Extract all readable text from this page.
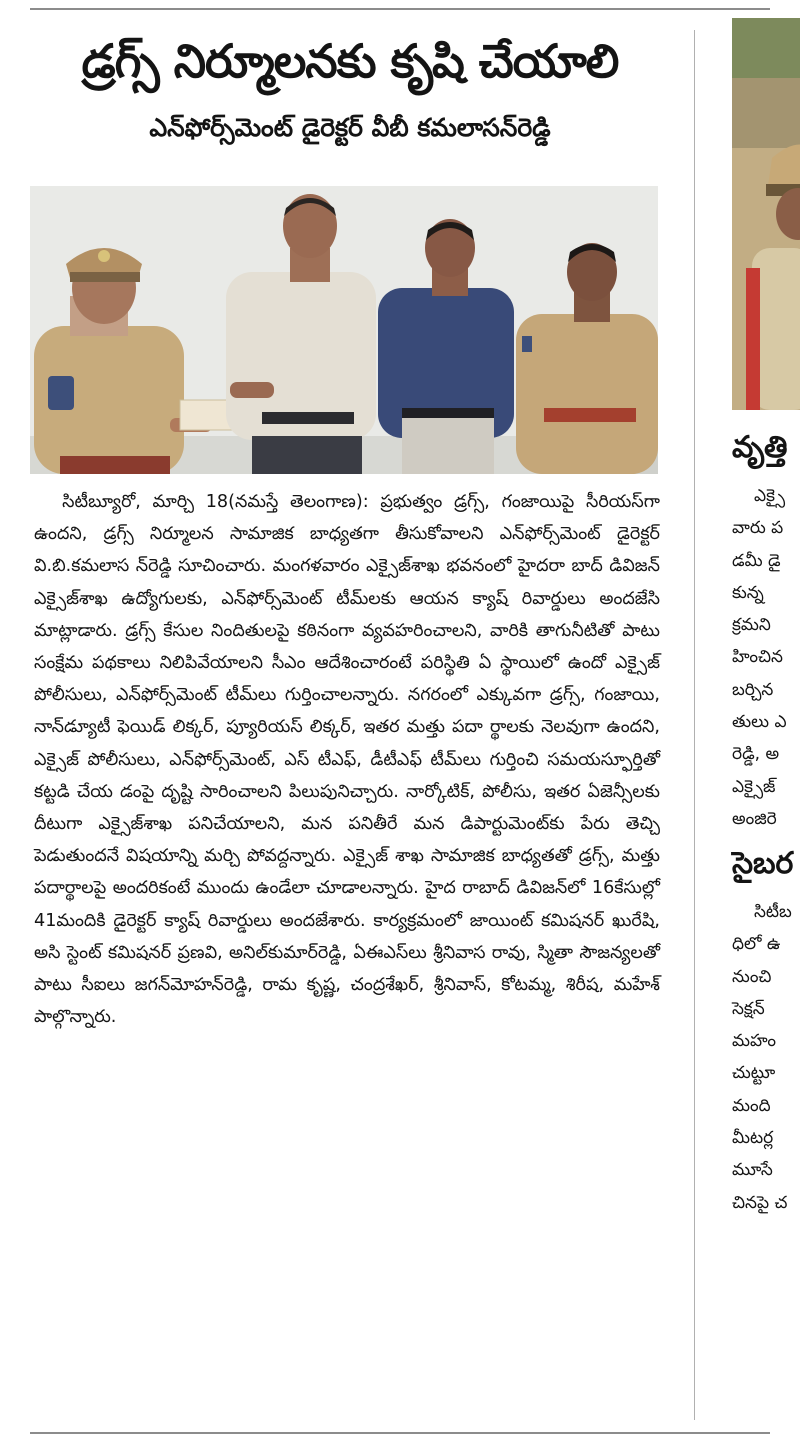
డ్రగ్స్ నిర్మూలనకు కృషి చేయాలి
ఎన్‌ఫోర్స్‌మెంట్ డైరెక్టర్ వీబీ కమలాసన్‌రెడ్డి

సిటీబ్యూరో, మార్చి 18(నమస్తే తెలంగాణ): ప్రభుత్వం డ్రగ్స్, గంజాయిపై సీరియస్‌గా ఉందని, డ్రగ్స్ నిర్మూలన సామాజిక బాధ్యతగా తీసుకోవాలని ఎన్‌ఫోర్స్‌మెంట్ డైరెక్టర్ వి.బి.కమలాస న్‌రెడ్డి సూచించారు. మంగళవారం ఎక్సైజ్‌శాఖ భవనంలో హైదరా బాద్ డివిజన్ ఎక్సైజ్‌శాఖ ఉద్యోగులకు, ఎన్‌ఫోర్స్‌మెంట్ టీమ్‌లకు ఆయన క్యాష్ రివార్డులు అందజేసి మాట్లాడారు. డ్రగ్స్ కేసుల నిందితులపై కఠినంగా వ్యవహరించాలని, వారికి తాగునీటితో పాటు సంక్షేమ పథకాలు నిలిపివేయాలని సీఎం ఆదేశించారంటే పరిస్థితి ఏ స్థాయిలో ఉందో ఎక్సైజ్ పోలీసులు, ఎన్‌ఫోర్స్‌మెంట్ టీమ్‌లు గుర్తించాలన్నారు. నగరంలో ఎక్కువగా డ్రగ్స్, గంజాయి, నాన్‌డ్యూటీ ఫెయిడ్ లిక్కర్, ప్యూరియస్ లిక్కర్, ఇతర మత్తు పదా ర్థాలకు నెలవుగా ఉందని, ఎక్సైజ్ పోలీసులు, ఎన్‌ఫోర్స్‌మెంట్, ఎస్ టీఎఫ్, డీటీఎఫ్ టీమ్‌లు గుర్తించి సమయస్ఫూర్తితో కట్టడి చేయ డంపై దృష్టి సారించాలని పిలుపునిచ్చారు. నార్కోటిక్, పోలీసు, ఇతర ఏజెన్సీలకు దీటుగా ఎక్సైజ్‌శాఖ పనిచేయాలని, మన పనితీరే మన డిపార్టుమెంట్‌కు పేరు తెచ్చి పెడుతుందనే విషయాన్ని మర్చి పోవద్దన్నారు. ఎక్సైజ్ శాఖ సామాజిక బాధ్యతతో డ్రగ్స్, మత్తు పదార్థాలపై అందరికంటే ముందు ఉండేలా చూడాలన్నారు. హైద రాబాద్ డివిజన్‌లో 16కేసుల్లో 41మందికి డైరెక్టర్ క్యాష్ రివార్డులు అందజేశారు. కార్యక్రమంలో జాయింట్ కమిషనర్ ఖురేషి, అసి స్టెంట్ కమిషనర్ ప్రణవి, అనిల్‌కుమార్‌రెడ్డి, ఏఈఎస్‌లు శ్రీనివాస రావు, స్మితా సౌజన్యలతో పాటు సీఐలు జగన్‌మోహన్‌రెడ్డి, రామ కృష్ణ, చంద్రశేఖర్, శ్రీనివాస్, కోటమ్మ, శిరీష, మహేశ్ పాల్గొన్నారు.

వృత్తి
ఎక్సై
వారు ప
డమీ డై
కున్న
క్రమని
హించిన
బర్చిన
తులు ఎ
రెడ్డి, అ
ఎక్సైజ్
అంజిరె
సైబర
సిటీబ
ధిలో ఉ
నుంచి
సెక్షన్
మహం
చుట్టూ
మంది
మీటర్ల
మూసే
చినపై చ
